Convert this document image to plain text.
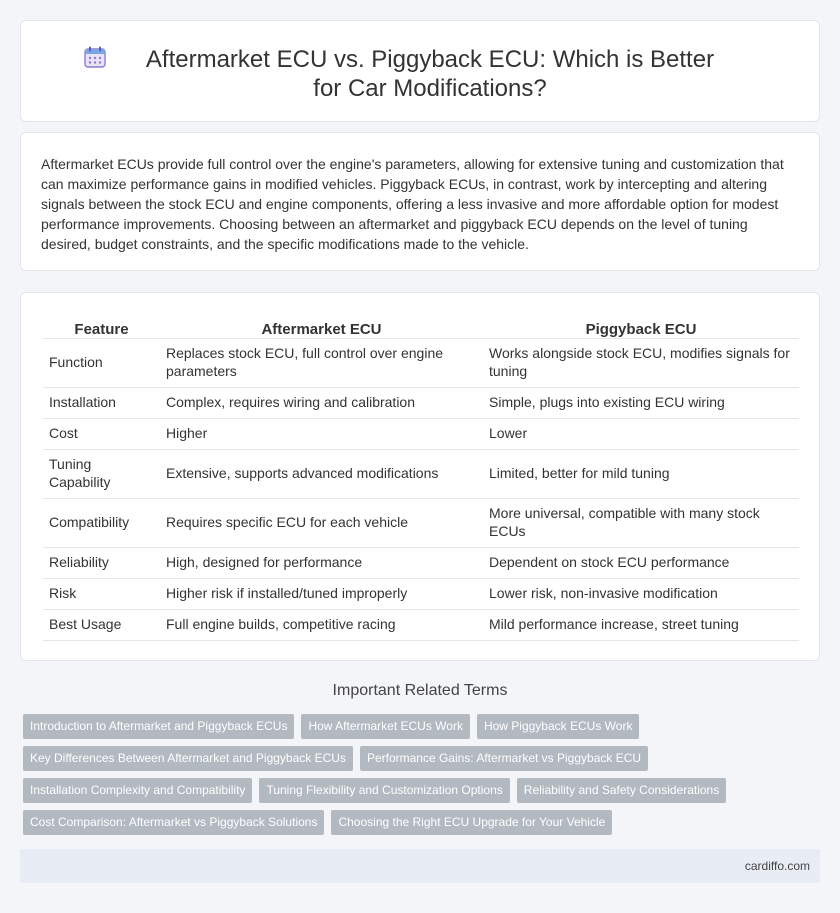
Aftermarket ECU vs. Piggyback ECU: Which is Better for Car Modifications?

Aftermarket ECUs provide full control over the engine's parameters, allowing for extensive tuning and customization that can maximize performance gains in modified vehicles. Piggyback ECUs, in contrast, work by intercepting and altering signals between the stock ECU and engine components, offering a less invasive and more affordable option for modest performance improvements. Choosing between an aftermarket and piggyback ECU depends on the level of tuning desired, budget constraints, and the specific modifications made to the vehicle.

Feature	Aftermarket ECU	Piggyback ECU
Function	Replaces stock ECU, full control over engine parameters	Works alongside stock ECU, modifies signals for tuning
Installation	Complex, requires wiring and calibration	Simple, plugs into existing ECU wiring
Cost	Higher	Lower
Tuning Capability	Extensive, supports advanced modifications	Limited, better for mild tuning
Compatibility	Requires specific ECU for each vehicle	More universal, compatible with many stock ECUs
Reliability	High, designed for performance	Dependent on stock ECU performance
Risk	Higher risk if installed/tuned improperly	Lower risk, non-invasive modification
Best Usage	Full engine builds, competitive racing	Mild performance increase, street tuning
Important Related Terms
Introduction to Aftermarket and Piggyback ECUs	How Aftermarket ECUs Work	How Piggyback ECUs Work
Key Differences Between Aftermarket and Piggyback ECUs	Performance Gains: Aftermarket vs Piggyback ECU
Installation Complexity and Compatibility	Tuning Flexibility and Customization Options	Reliability and Safety Considerations
Cost Comparison: Aftermarket vs Piggyback Solutions	Choosing the Right ECU Upgrade for Your Vehicle
cardiffo.com
